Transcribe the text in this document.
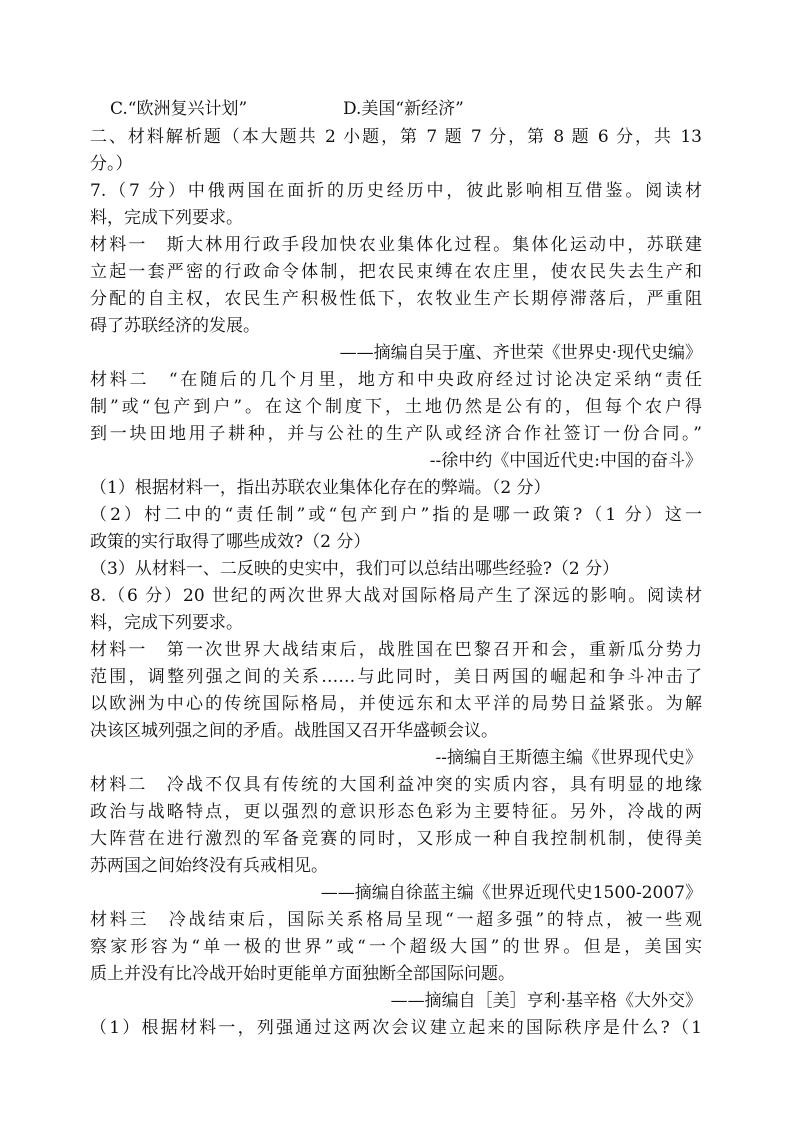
C.“欧洲复兴计划”	D.美国“新经济”
二、材料解析题（本大题共 2 小题，第 7 题 7 分，第 8 题 6 分，共 13
分。）
7.（7 分）中俄两国在面折的历史经历中，彼此影响相互借鉴。阅读材
料，完成下列要求。
材料一　斯大林用行政手段加快农业集体化过程。集体化运动中，苏联建
立起一套严密的行政命令体制，把农民束缚在农庄里，使农民失去生产和
分配的自主权，农民生产积极性低下，农牧业生产长期停滞落后，严重阻
碍了苏联经济的发展。
——摘编自吴于廑、齐世荣《世界史·现代史编》
材料二　“在随后的几个月里，地方和中央政府经过讨论决定采纳“责任
制”或“包产到户”。在这个制度下，土地仍然是公有的，但每个农户得
到一块田地用子耕种，并与公社的生产队或经济合作社签订一份合同。”
--徐中约《中国近代史:中国的奋斗》
（1）根据材料一，指出苏联农业集体化存在的弊端。（2 分）
（2）村二中的“责任制”或“包产到户”指的是哪一政策?（1 分）这一
政策的实行取得了哪些成效?（2 分）
（3）从材料一、二反映的史实中，我们可以总结出哪些经验?（2 分）
8.（6 分）20 世纪的两次世界大战对国际格局产生了深远的影响。阅读材
料，完成下列要求。
材料一　第一次世界大战结束后，战胜国在巴黎召开和会，重新瓜分势力
范围，调整列强之间的关系……与此同时，美日两国的崛起和争斗冲击了
以欧洲为中心的传统国际格局，并使远东和太平洋的局势日益紧张。为解
决该区城列强之间的矛盾。战胜国又召开华盛顿会议。
--摘编自王斯德主编《世界现代史》
材料二　冷战不仅具有传统的大国利益冲突的实质内容，具有明显的地缘
政治与战略特点，更以强烈的意识形态色彩为主要特征。另外，冷战的两
大阵营在进行激烈的军备竞赛的同时，又形成一种自我控制机制，使得美
苏两国之间始终没有兵戒相见。
——摘编自徐蓝主编《世界近现代史1500-2007》
材料三　冷战结束后，国际关系格局呈现“一超多强”的特点，被一些观
察家形容为“单一极的世界”或“一个超级大国”的世界。但是，美国实
质上并没有比冷战开始时更能单方面独断全部国际问题。
——摘编自［美］亨利·基辛格《大外交》
（1）根据材料一，列强通过这两次会议建立起来的国际秩序是什么?（1
